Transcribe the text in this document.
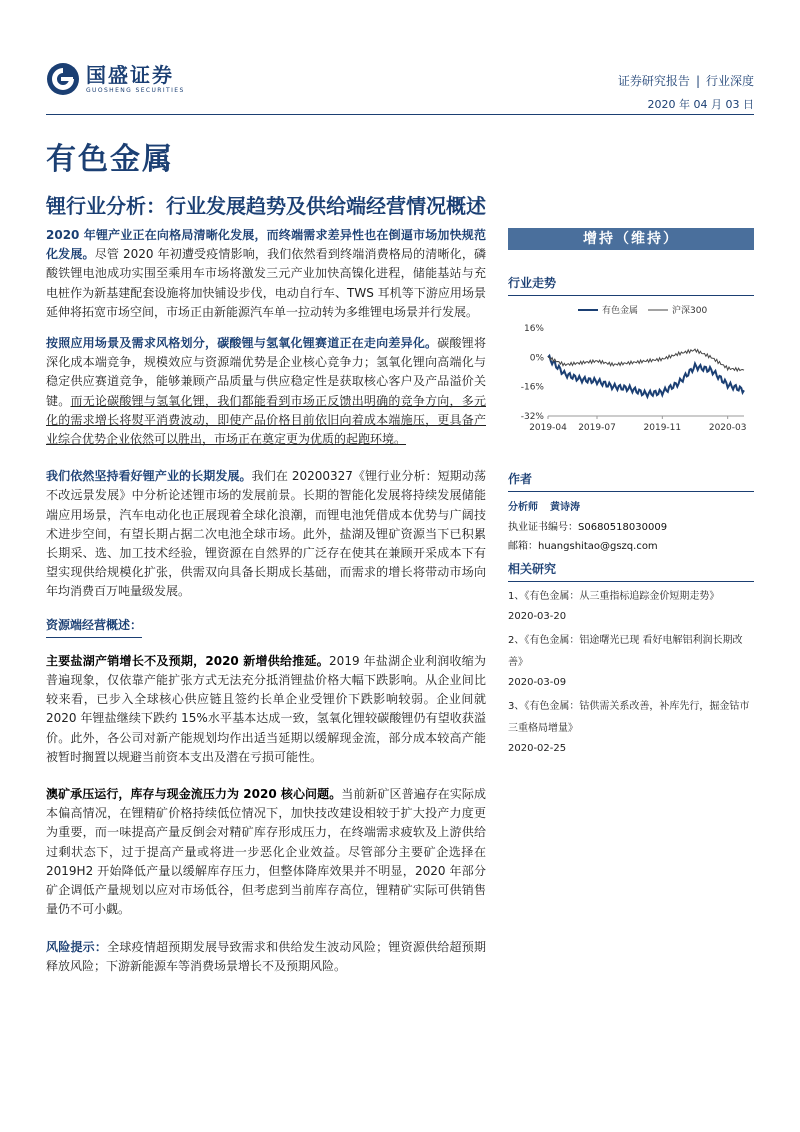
国盛证券
GUOSHENG SECURITIES
证券研究报告 | 行业深度
2020 年 04 月 03 日
有色金属
锂行业分析：行业发展趋势及供给端经营情况概述

2020 年锂产业正在向格局清晰化发展，而终端需求差异性也在倒逼市场加快规范化发展。尽管 2020 年初遭受疫情影响，我们依然看到终端消费格局的清晰化，磷酸铁锂电池成功实围至乘用车市场将激发三元产业加快高镍化进程，储能基站与充电桩作为新基建配套设施将加快铺设步伐，电动自行车、TWS 耳机等下游应用场景延伸将拓宽市场空间，市场正由新能源汽车单一拉动转为多维锂电场景并行发展。

按照应用场景及需求风格划分，碳酸锂与氢氧化锂赛道正在走向差异化。碳酸锂将深化成本端竞争，规模效应与资源端优势是企业核心竞争力；氢氧化锂向高端化与稳定供应赛道竞争，能够兼顾产品质量与供应稳定性是获取核心客户及产品溢价关键。而无论碳酸锂与氢氧化锂，我们都能看到市场正反馈出明确的竞争方向，多元化的需求增长将熨平消费波动，即使产品价格目前依旧向着成本端施压，更具备产业综合优势企业依然可以胜出，市场正在奠定更为优质的起跑环境。

我们依然坚持看好锂产业的长期发展。我们在 20200327《锂行业分析：短期动荡不改远景发展》中分析论述锂市场的发展前景。长期的智能化发展将持续发展储能端应用场景，汽车电动化也正展现着全球化浪潮，而锂电池凭借成本优势与广阔技术进步空间，有望长期占据二次电池全球市场。此外，盐湖及锂矿资源当下已积累长期采、选、加工技术经验，锂资源在自然界的广泛存在使其在兼顾开采成本下有望实现供给规模化扩张，供需双向具备长期成长基础，而需求的增长将带动市场向年均消费百万吨量级发展。

资源端经营概述：

主要盐湖产销增长不及预期，2020 新增供给推延。2019 年盐湖企业利润收缩为普遍现象，仅依靠产能扩张方式无法充分抵消锂盐价格大幅下跌影响。从企业间比较来看，已步入全球核心供应链且签约长单企业受锂价下跌影响较弱。企业间就 2020 年锂盐继续下跌约 15%水平基本达成一致，氢氧化锂较碳酸锂仍有望收获溢价。此外，各公司对新产能规划均作出适当延期以缓解现金流，部分成本较高产能被暂时搁置以规避当前资本支出及潜在亏损可能性。

澳矿承压运行，库存与现金流压力为 2020 核心问题。当前新矿区普遍存在实际成本偏高情况，在锂精矿价格持续低位情况下，加快技改建设相较于扩大投产力度更为重要，而一味提高产量反倒会对精矿库存形成压力，在终端需求疲软及上游供给过剩状态下，过于提高产量或将进一步恶化企业效益。尽管部分主要矿企选择在 2019H2 开始降低产量以缓解库存压力，但整体降库效果并不明显，2020 年部分矿企调低产量规划以应对市场低谷，但考虑到当前库存高位，锂精矿实际可供销售量仍不可小觑。

风险提示：全球疫情超预期发展导致需求和供给发生波动风险；锂资源供给超预期释放风险；下游新能源车等消费场景增长不及预期风险。

增持（维持）
行业走势
16%
0%
-16%
-32%
2019-04 2019-07	2019-11	2020-03
有色金属	沪深300
作者
分析师 黄诗涛
执业证书编号：S0680518030009
邮箱：huangshitao@gszq.com
相关研究
1、《有色金属：从三重指标追踪金价短期走势》
2020-03-20
2、《有色金属：铝途曙光已现 看好电解铝利润长期改善》
2020-03-09
3、《有色金属：钴供需关系改善，补库先行，掘金钴市三重格局增量》
2020-02-25
